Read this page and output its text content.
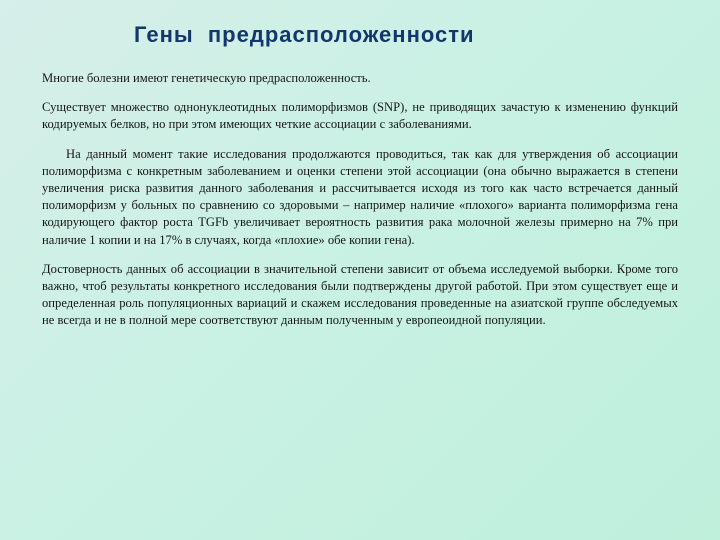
Гены  предрасположенности

Многие болезни имеют генетическую предрасположенность.

Существует множество однонуклеотидных полиморфизмов (SNP), не приводящих зачастую к изменению функций кодируемых белков, но при этом имеющих четкие ассоциации с заболеваниями.

На данный момент такие исследования продолжаются проводиться, так как для утверждения об ассоциации полиморфизма с конкретным заболеванием и оценки степени этой ассоциации (она обычно выражается в степени увеличения риска развития данного заболевания и рассчитывается исходя из того как часто встречается данный полиморфизм у больных по сравнению со здоровыми – например наличие «плохого» варианта полиморфизма гена кодирующего фактор роста TGFb увеличивает вероятность развития рака молочной железы примерно на 7% при наличие 1 копии и на 17% в случаях, когда «плохие» обе копии гена).

Достоверность данных об ассоциации в значительной степени зависит от объема исследуемой выборки. Кроме того важно, чтоб результаты конкретного исследования были подтверждены другой работой. При этом существует еще и определенная роль популяционных вариаций и скажем исследования проведенные на азиатской группе обследуемых не всегда и не в полной мере соответствуют данным полученным у европеоидной популяции.
